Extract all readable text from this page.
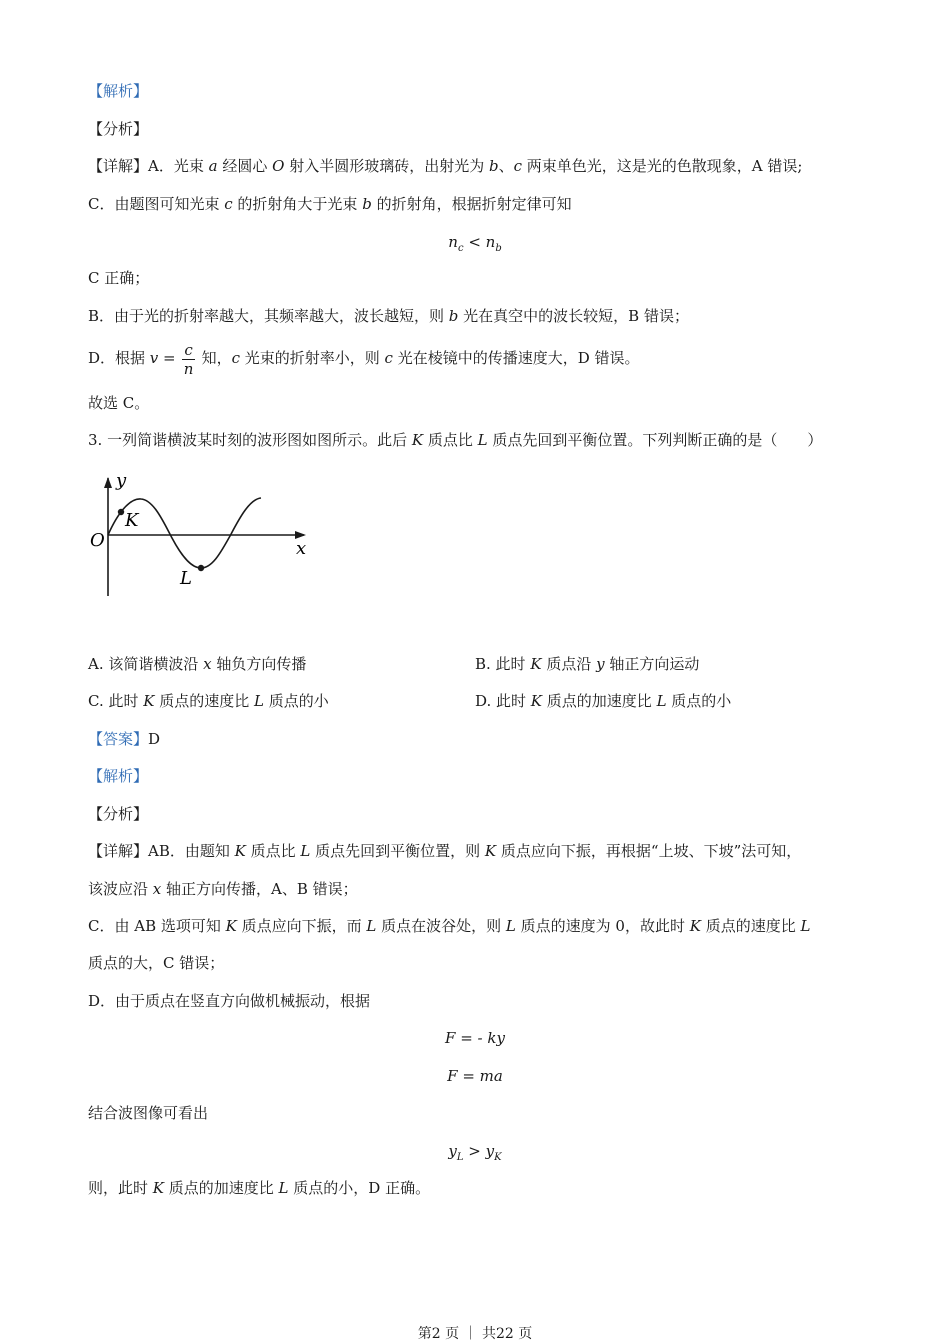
【解析】
【分析】
【详解】A．光束 a 经圆心 O 射入半圆形玻璃砖，出射光为 b、c 两束单色光，这是光的色散现象，A 错误;
C．由题图可知光束 c 的折射角大于光束 b 的折射角，根据折射定律可知
$n_c < n_b$
C 正确；
B．由于光的折射率越大，其频率越大，波长越短，则 b 光在真空中的波长较短，B 错误；
D．根据 $v = \frac{c}{n}$ 知，c 光束的折射率小，则 c 光在棱镜中的传播速度大，D 错误。
故选 C。
3. 一列简谐横波某时刻的波形图如图所示。此后 K 质点比 L 质点先回到平衡位置。下列判断正确的是（　　）
y
x
O
K
L
A. 该简谐横波沿 x 轴负方向传播	B. 此时 K 质点沿 y 轴正方向运动
C. 此时 K 质点的速度比 L 质点的小	D. 此时 K 质点的加速度比 L 质点的小
【答案】D
【解析】
【分析】
【详解】AB．由题知 K 质点比 L 质点先回到平衡位置，则 K 质点应向下振，再根据“上坡、下坡”法可知，
该波应沿 x 轴正方向传播，A、B 错误；
C．由 AB 选项可知 K 质点应向下振，而 L 质点在波谷处，则 L 质点的速度为 0，故此时 K 质点的速度比 L
质点的大，C 错误；
D．由于质点在竖直方向做机械振动，根据
F = - ky
F = ma
结合波图像可看出
$y_L > y_K$
则，此时 K 质点的加速度比 L 质点的小，D 正确。
第2 页 ｜ 共22 页
